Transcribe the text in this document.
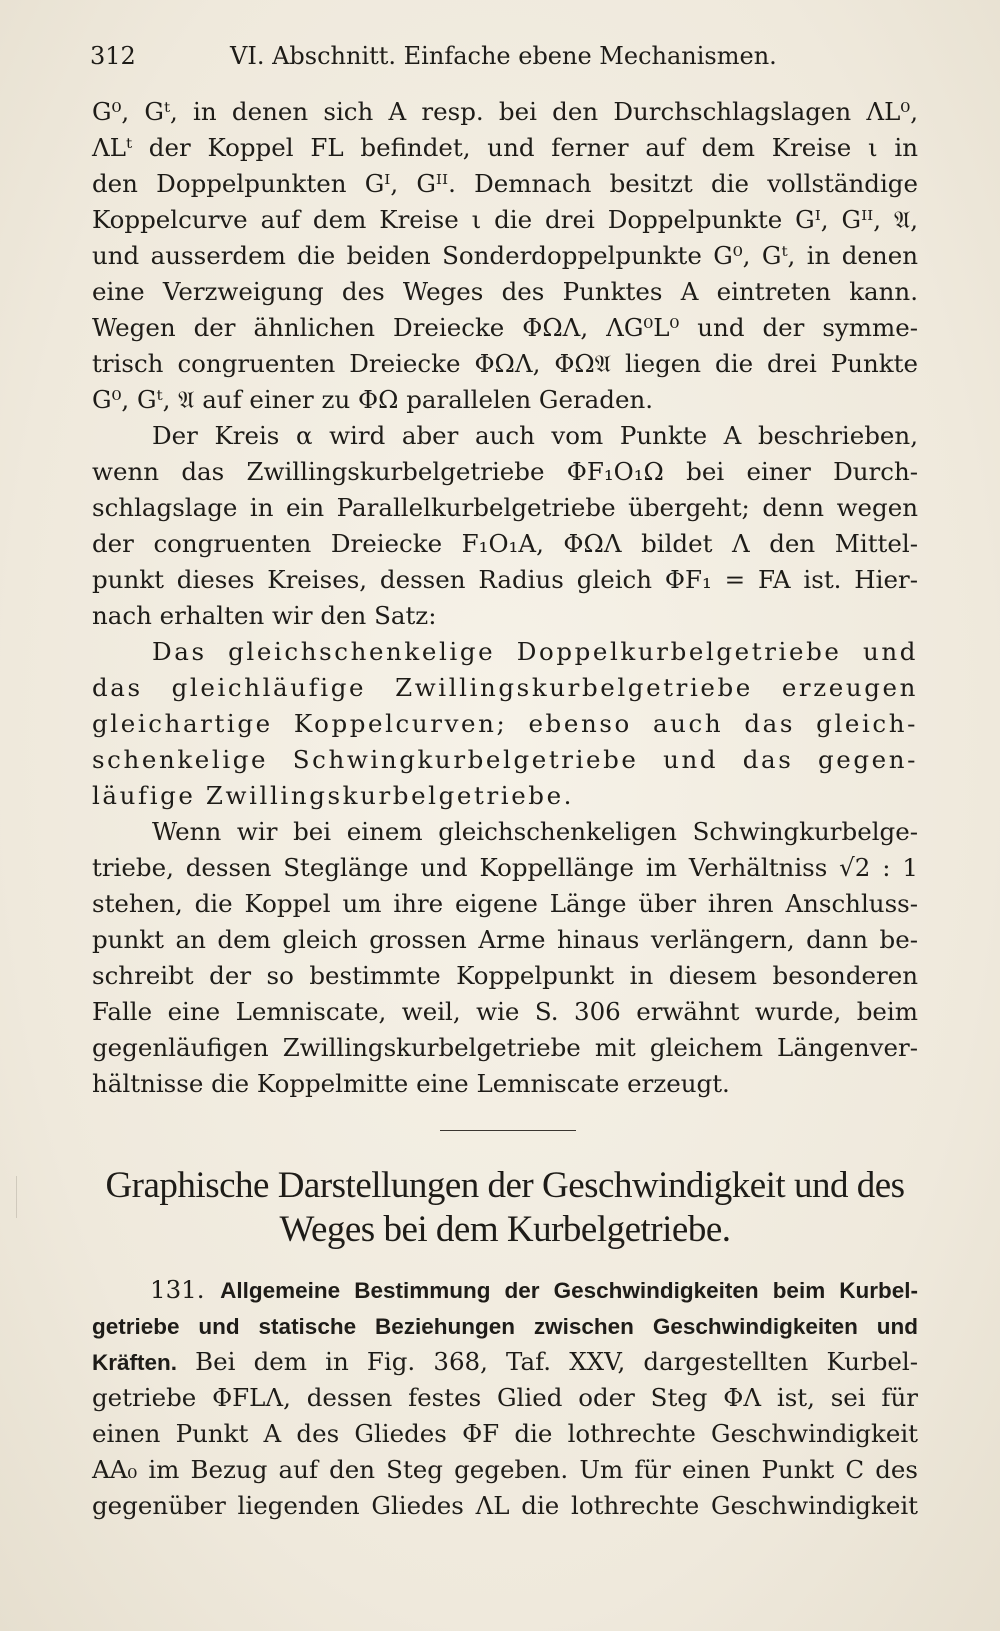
312	VI. Abschnitt. Einfache ebene Mechanismen.
G⁰, Gᵗ, in denen sich A resp. bei den Durchschlagslagen ΛL⁰,
ΛLᵗ der Koppel FL befindet, und ferner auf dem Kreise ι in
den Doppelpunkten Gᴵ, Gᴵᴵ. Demnach besitzt die vollständige
Koppelcurve auf dem Kreise ι die drei Doppelpunkte Gᴵ, Gᴵᴵ, 𝔄,
und ausserdem die beiden Sonderdoppelpunkte G⁰, Gᵗ, in denen
eine Verzweigung des Weges des Punktes A eintreten kann.
Wegen der ähnlichen Dreiecke ΦΩΛ, ΛG⁰L⁰ und der symme-
trisch congruenten Dreiecke ΦΩΛ, ΦΩ𝔄 liegen die drei Punkte
G⁰, Gᵗ, 𝔄 auf einer zu ΦΩ parallelen Geraden.
Der Kreis α wird aber auch vom Punkte A beschrieben,
wenn das Zwillingskurbelgetriebe ΦF₁O₁Ω bei einer Durch-
schlagslage in ein Parallelkurbelgetriebe übergeht; denn wegen
der congruenten Dreiecke F₁O₁A, ΦΩΛ bildet Λ den Mittel-
punkt dieses Kreises, dessen Radius gleich ΦF₁ = FA ist. Hier-
nach erhalten wir den Satz:
Das gleichschenkelige Doppelkurbelgetriebe und
das gleichläufige Zwillingskurbelgetriebe erzeugen
gleichartige Koppelcurven; ebenso auch das gleich-
schenkelige Schwingkurbelgetriebe und das gegen-
läufige Zwillingskurbelgetriebe.
Wenn wir bei einem gleichschenkeligen Schwingkurbelge-
triebe, dessen Steglänge und Koppellänge im Verhältniss √2 : 1
stehen, die Koppel um ihre eigene Länge über ihren Anschluss-
punkt an dem gleich grossen Arme hinaus verlängern, dann be-
schreibt der so bestimmte Koppelpunkt in diesem besonderen
Falle eine Lemniscate, weil, wie S. 306 erwähnt wurde, beim
gegenläufigen Zwillingskurbelgetriebe mit gleichem Längenver-
hältnisse die Koppelmitte eine Lemniscate erzeugt.
Graphische Darstellungen der Geschwindigkeit und des
Weges bei dem Kurbelgetriebe.
131. Allgemeine Bestimmung der Geschwindigkeiten beim Kurbel-
getriebe und statische Beziehungen zwischen Geschwindigkeiten und
Kräften. Bei dem in Fig. 368, Taf. XXV, dargestellten Kurbel-
getriebe ΦFLΛ, dessen festes Glied oder Steg ΦΛ ist, sei für
einen Punkt A des Gliedes ΦF die lothrechte Geschwindigkeit
AA₀ im Bezug auf den Steg gegeben. Um für einen Punkt C des
gegenüber liegenden Gliedes ΛL die lothrechte Geschwindigkeit
